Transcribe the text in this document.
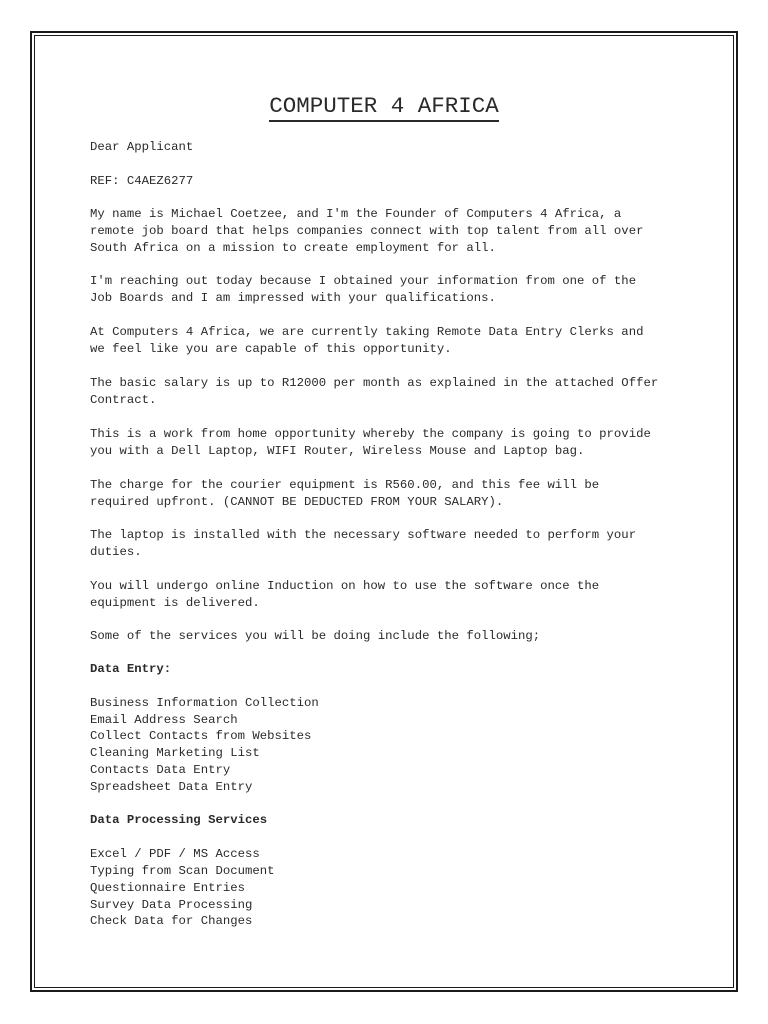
COMPUTER 4 AFRICA

Dear Applicant

REF: C4AEZ6277

My name is Michael Coetzee, and I'm the Founder of Computers 4 Africa, a
remote job board that helps companies connect with top talent from all over
South Africa on a mission to create employment for all.

I'm reaching out today because I obtained your information from one of the
Job Boards and I am impressed with your qualifications.

At Computers 4 Africa, we are currently taking Remote Data Entry Clerks and
we feel like you are capable of this opportunity.

The basic salary is up to R12000 per month as explained in the attached Offer
Contract.

This is a work from home opportunity whereby the company is going to provide
you with a Dell Laptop, WIFI Router, Wireless Mouse and Laptop bag.

The charge for the courier equipment is R560.00, and this fee will be
required upfront. (CANNOT BE DEDUCTED FROM YOUR SALARY).

The laptop is installed with the necessary software needed to perform your
duties.

You will undergo online Induction on how to use the software once the
equipment is delivered.

Some of the services you will be doing include the following;

Data Entry:

Business Information Collection

Email Address Search

Collect Contacts from Websites

Cleaning Marketing List

Contacts Data Entry

Spreadsheet Data Entry

Data Processing Services

Excel / PDF / MS Access

Typing from Scan Document

Questionnaire Entries

Survey Data Processing

Check Data for Changes
